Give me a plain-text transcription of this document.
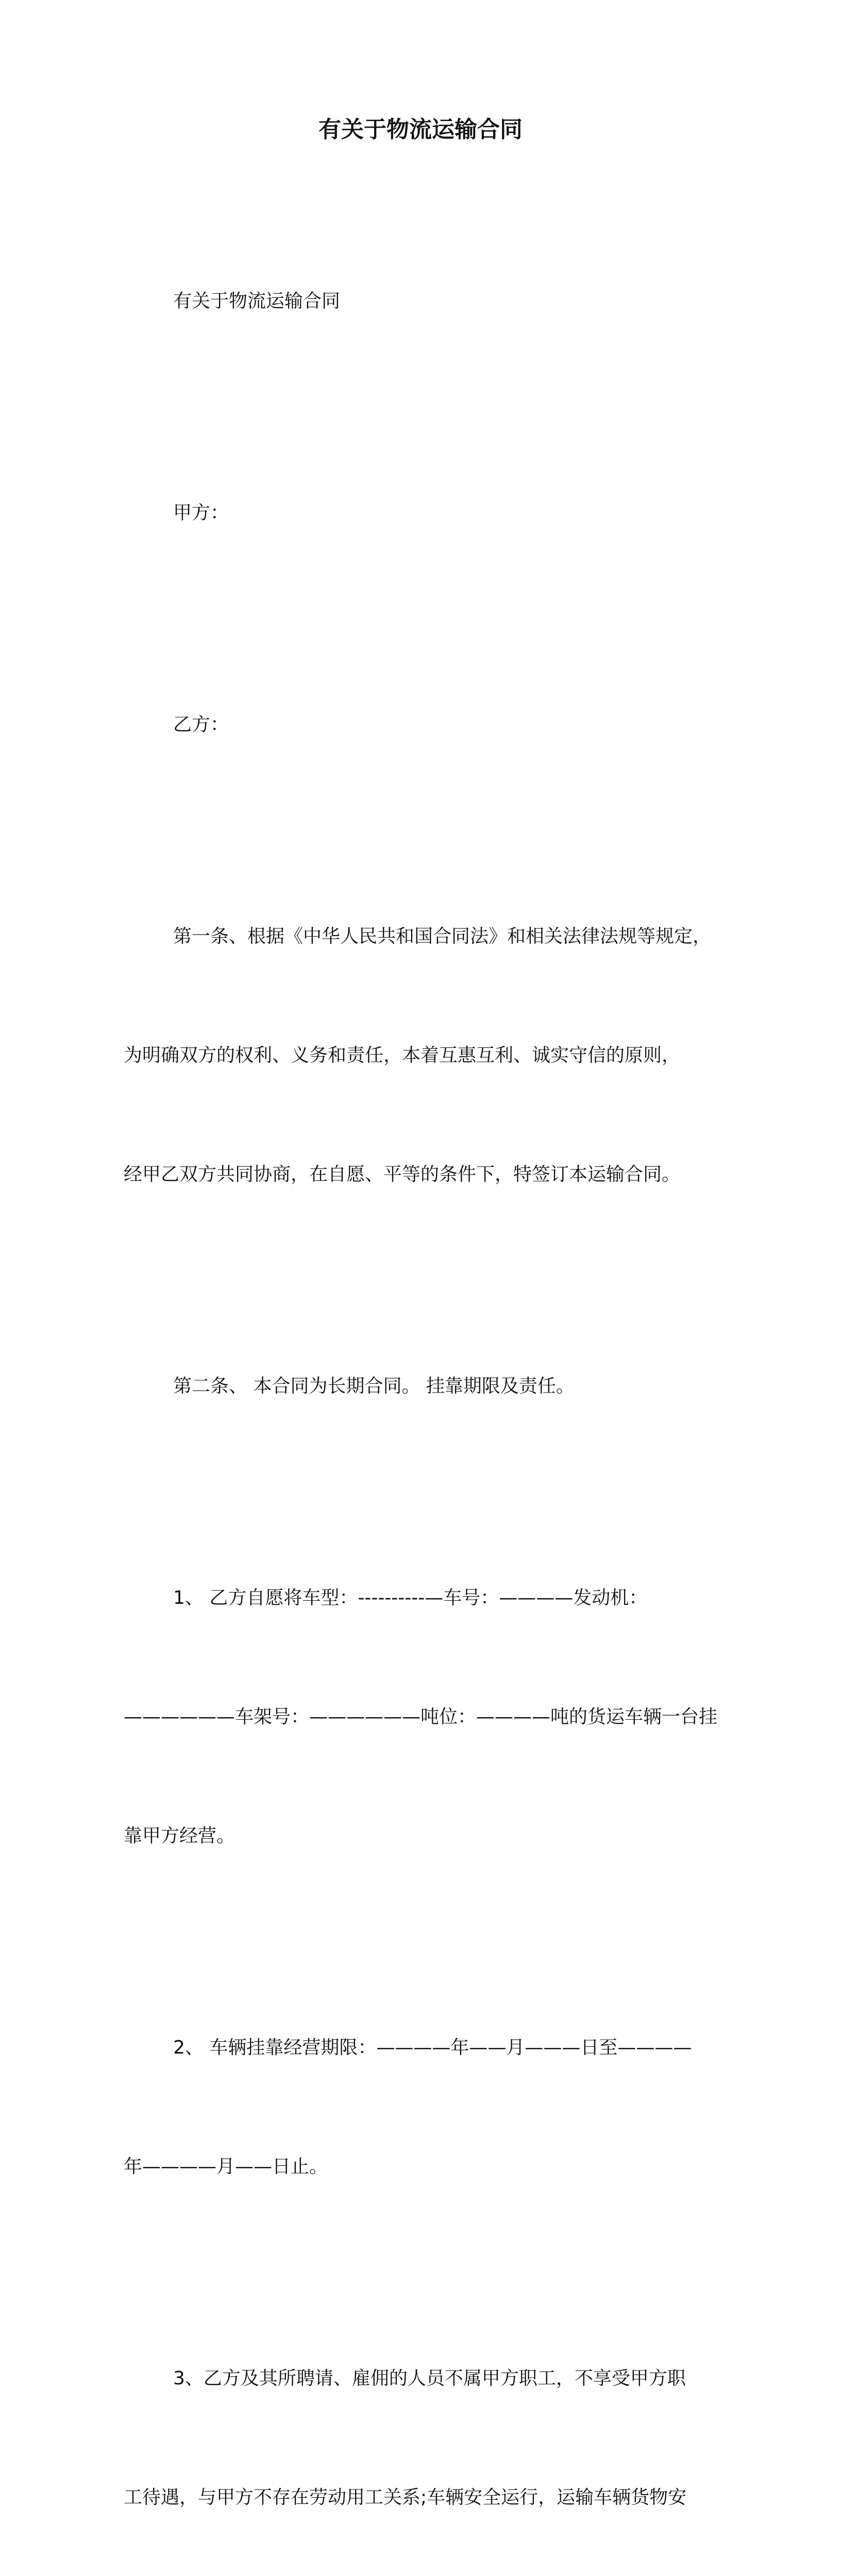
有关于物流运输合同

有关于物流运输合同

甲方：

乙方：

第一条、根据《中华人民共和国合同法》和相关法律法规等规定，

为明确双方的权利、义务和责任，本着互惠互利、诚实守信的原则，

经甲乙双方共同协商，在自愿、平等的条件下，特签订本运输合同。

第二条、 本合同为长期合同。 挂靠期限及责任。

1、 乙方自愿将车型：----------—车号：————发动机：

——————车架号：——————吨位：————吨的货运车辆一台挂

靠甲方经营。

2、 车辆挂靠经营期限：————年——月———日至————

年————月——日止。

3、乙方及其所聘请、雇佣的人员不属甲方职工，不享受甲方职

工待遇，与甲方不存在劳动用工关系;车辆安全运行，运输车辆货物安
